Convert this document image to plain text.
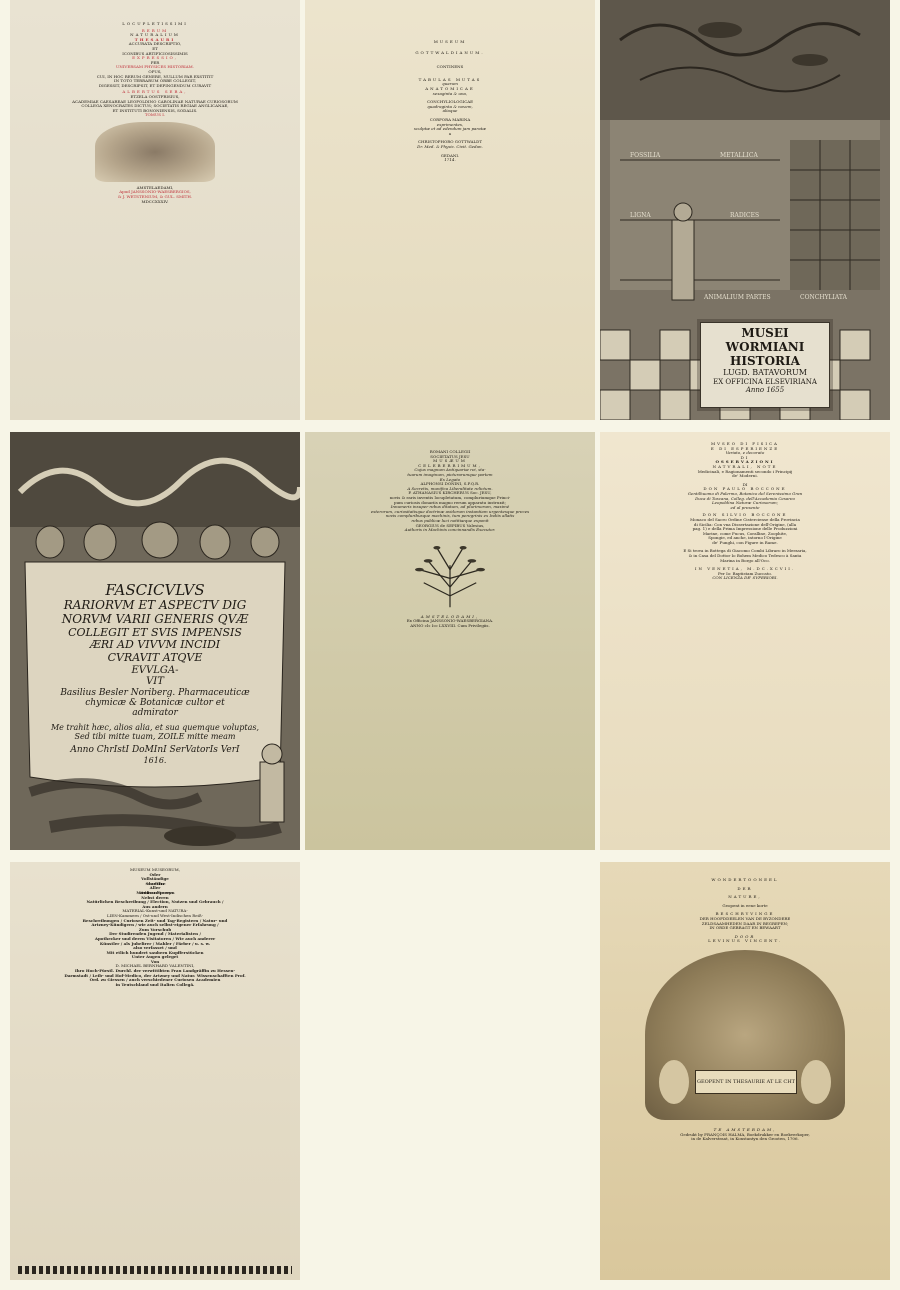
LOCUPLETISSIMI
RERUM
NATURALIUM
THESAURI
ACCURATA DESCRIPTIO,
ET
ICONIBUS ARTIFICIOSISSIMIS
EXPRESSIO,
PER
UNIVERSAM PHYSICES HISTORIAM.
OPUS,
CUI, IN HOC RERUM GENERE, NULLUM PAR EXSTITIT
IN TOTO TERRARUM ORBE COLLEGIT,
DIGESSIT, DESCRIPSIT, ET DEPINGENDUM CURAVIT
ALBERTUS SEBA,
ETZELA OOSTFRISIUS,
ACADEMIAE CAESAREAE LEOPOLDINO CAROLINAE NATURAE CURIOSORUM
COLLEGA XENOCRATES DICTUS; SOCIETATIS REGIAE ANGLICANAE,
ET INSTITUTI BONONIENSIS, SODALIS.
TOMUS I.
AMSTELAEDAMI,
Apud JANSSONIO-WAESBERGIOS,
& J. WETSTENIUM, & GUL. SMITH.
MDCCXXXIV.
MUSEUM
GOTTWALDIANUM.
CONTINENS
TABULAS MUTAS
quarum
ANATOMICAE
sexaginta & una,
CONCHYLIOLOGICAE
quadraginta & novem,
aliaque
CORPORA MARINA
exprimentes,
sculptæ et ad edendum jam paratæ
a
CHRISTOPHORO GOTTWALDT
Dr. Med. & Physic. Civit. Gedan.
GEDANI.
1714.
ANIMALIUM PARTES	CONCHYLIATA
FOSSILIA	METALLICA
LIGNA	RADICES
MUSEI
WORMIANI
HISTORIA
LUGD. BATAVORUM
EX OFFICINA ELSEVIRIANA
Anno 1655
FASCICVLVS
RARIORVM ET ASPECTV DIG
NORVM VARII GENERIS QVÆ
COLLEGIT ET SVIS IMPENSIS
ÆRI AD VIVVM INCIDI
CVRAVIT ATQVE
EVVLGA-
VIT
Basilius Besler Noriberg. Pharmaceuticæ
chymicæ & Botanicæ cultor et
admirator
Me trahit hæc, alios alia, et sua quemque voluptas,
Sed tibi mitte tuam, ZOILE mitte meam
Anno ChrIstI DoMInI SerVatorIs VerI
1616.
ROMANI COLLEGII
SOCIETATUS JESU
MUSÆUM
CELEBERRIMUM,
Cujus magnum Antiquariæ rei, sta-
tuarum imaginum, picturarumque partem
Ex Legato
ALPHONSI DONINI, S.P.Q.R.
A Secretis, munifica Liberalitate relictum.
P. ATHANASIUS KIRCHERUS Soc. JESU,
novis & raris inventis locupletatum, compluriumque Princi-
pum curiosis donariis magno rerum apparatu instruxit;
Innumeris insuper rebus ditatum, ad plurimorum, maximè
exterorum, curiositatisque doctrinæ avidorum instantiam urgentesque preces
novis compluribusque machinis, tum peregrinis ex Indiis allatis
rebus publicæ luci notitiæque exponit
GEORGIUS de SEPIBUS Valesius,
Authoris in Machinis concinnandis Executor.
AMSTELODAMI,
Ex Officina JANSSONIO-WAESBERGIANA.
ANNO clↄ Iↄc LXXVIII. Cum Privilegiis.
MVSEO DI FISICA
E DI ESPERIENZE
Variato, e decorato
DI
OSSERVAZIONI
NATVRALI, NOTE
Medicinali, e Ragionamenti secondo i Principij
de' Moderni.
DI
DON PAULO BOCCONE
Gentilhuomo di Palermo, Botanico del Serenissimo Gran
Duca di Toscana, Colleg. dell'Accademia Cesareo
Leopoldina Naturæ Curiosorum;
ed al presente
DON SILVIO BOCCONE
Monaco del Sacro Ordine Cisterciense della Provincia
di Sicilia: Con vna Dissertazione dell'Origine, (alla
pag. 1) e della Prima Impressione delle Produzzioni
Marine, come Fucus, Coralline, Zoophite,
Spongie, ed anche, intorno l'Origine
de' Funghi, con Figure in Rame.
E Si trova in Bottega di Giacomo Combi Libraro in Merzaria,
& in Casa del Dottor Io Bohem Medico Tedesco à Santa
Marina in Borgo all'Oco.
IN VENETIA, M.DC.XCVII.
Per Io: Baptistam Zuccato.
CON LICENZA DE' SVPERIORI.
MUSEUM MUSEORUM,
Oder
Vollständige
Schau-Bühne
Aller
Materialien und Specereyen
Nebst deren
Natürlichen Beschreibung / Election, Nutzen und Gebrauch /
Aus andern
MATERIAL-Kunst-und NATURA-
LIEN-Kammern / Ost-und West-Indischen Reiß-
Beschreibungen / Curiosen Zeit- und Tag-Registern / Natur- und
Artzney-Kündigern / wie auch selbst-eigener Erfahrung /
Zum Vorschub
Der Studirenden Jugend / Materialisten /
Apothecker und deren Visitatoren / Wie auch anderer
Künstler / als Jubelirer / Mahler / Färber / u. s. w.
also verfasset / und
Mit etlich hundert saubern Kupfferstücken
Unter Augen geleget
Von
D. MICHAEL BERNHARD VALENTINI,
Ihro Hoch-Fürstl. Durchl. der verwittibten Frau Landgräffin zu Hessen-
Darmstadt / Leib- und Hof-Medico, der Artzney und Natur. Wissenschafften Prof.
Ord. zu Giessen / auch verschiedener Curiosen Academien
in Teutschland und Italien Collegâ.
WONDERTOONEEL
DER
NATURE,
Geopent in eene korte
BESCHRYVINGE
DER HOOFDDEELEN VAN DE BYZONDERE
ZELDSAAMHEDEN DAAR IN BEGREPEN;
IN ORDE GEBRAGT EN BEWAART
DOOR
LEVINUS VINCENT.
GEOPENT IN THESAURIE AT LE CHT
TE AMSTERDAM,
Gedrukt by FRANÇOIS HALMA, Boekdrukker en Boekverkoper,
in de Kalverstraat, in Konstantyn den Grooten, 1706.
